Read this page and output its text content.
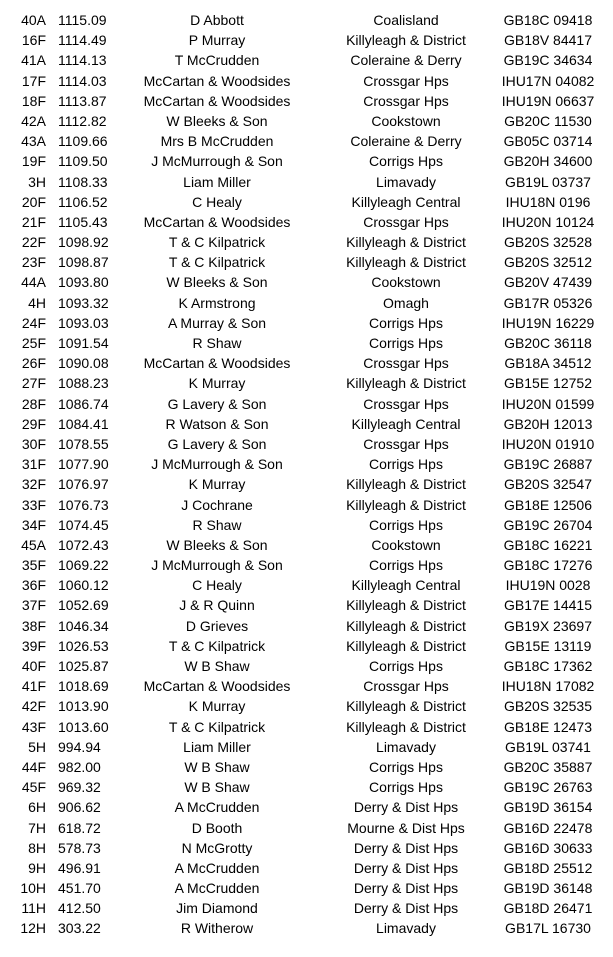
40A 1115.09	D Abbott	Coalisland	GB18C 09418
16F 1114.49	P Murray	Killyleagh & District	GB18V 84417
41A 1114.13	T McCrudden	Coleraine & Derry	GB19C 34634
17F 1114.03	McCartan & Woodsides	Crossgar Hps	IHU17N 04082
18F 1113.87	McCartan & Woodsides	Crossgar Hps	IHU19N 06637
42A 1112.82	W Bleeks & Son	Cookstown	GB20C 11530
43A 1109.66	Mrs B McCrudden	Coleraine & Derry	GB05C 03714
19F 1109.50	J McMurrough & Son	Corrigs Hps	GB20H 34600
3H 1108.33	Liam Miller	Limavady	GB19L 03737
20F 1106.52	C Healy	Killyleagh Central	IHU18N 0196
21F 1105.43	McCartan & Woodsides	Crossgar Hps	IHU20N 10124
22F 1098.92	T & C Kilpatrick	Killyleagh & District	GB20S 32528
23F 1098.87	T & C Kilpatrick	Killyleagh & District	GB20S 32512
44A 1093.80	W Bleeks & Son	Cookstown	GB20V 47439
4H 1093.32	K Armstrong	Omagh	GB17R 05326
24F 1093.03	A Murray & Son	Corrigs Hps	IHU19N 16229
25F 1091.54	R Shaw	Corrigs Hps	GB20C 36118
26F 1090.08 McCartan & Woodsides	Crossgar Hps	GB18A 34512
27F 1088.23	K Murray	Killyleagh & District	GB15E 12752
28F 1086.74	G Lavery & Son	Crossgar Hps	IHU20N 01599
29F 1084.41	R Watson & Son	Killyleagh Central	GB20H 12013
30F 1078.55	G Lavery & Son	Crossgar Hps	IHU20N 01910
31F 1077.90	J McMurrough & Son	Corrigs Hps	GB19C 26887
32F 1076.97	K Murray	Killyleagh & District	GB20S 32547
33F 1076.73	J Cochrane	Killyleagh & District	GB18E 12506
34F 1074.45	R Shaw	Corrigs Hps	GB19C 26704
45A 1072.43	W Bleeks & Son	Cookstown	GB18C 16221
35F 1069.22	J McMurrough & Son	Corrigs Hps	GB18C 17276
36F 1060.12	C Healy	Killyleagh Central	IHU19N 0028
37F 1052.69	J & R Quinn	Killyleagh & District	GB17E 14415
38F 1046.34	D Grieves	Killyleagh & District	GB19X 23697
39F 1026.53	T & C Kilpatrick	Killyleagh & District	GB15E 13119
40F 1025.87	W B Shaw	Corrigs Hps	GB18C 17362
41F 1018.69 McCartan & Woodsides	Crossgar Hps	IHU18N 17082
42F 1013.90	K Murray	Killyleagh & District	GB20S 32535
43F 1013.60	T & C Kilpatrick	Killyleagh & District	GB18E 12473
5H 994.94	Liam Miller	Limavady	GB19L 03741
44F 982.00	W B Shaw	Corrigs Hps	GB20C 35887
45F 969.32	W B Shaw	Corrigs Hps	GB19C 26763
6H 906.62	A McCrudden	Derry & Dist Hps	GB19D 36154
7H 618.72	D Booth	Mourne & Dist Hps	GB16D 22478
8H 578.73	N McGrotty	Derry & Dist Hps	GB16D 30633
9H 496.91	A McCrudden	Derry & Dist Hps	GB18D 25512
10H 451.70	A McCrudden	Derry & Dist Hps	GB19D 36148
11H 412.50	Jim Diamond	Derry & Dist Hps	GB18D 26471
12H 303.22	R Witherow	Limavady	GB17L 16730
